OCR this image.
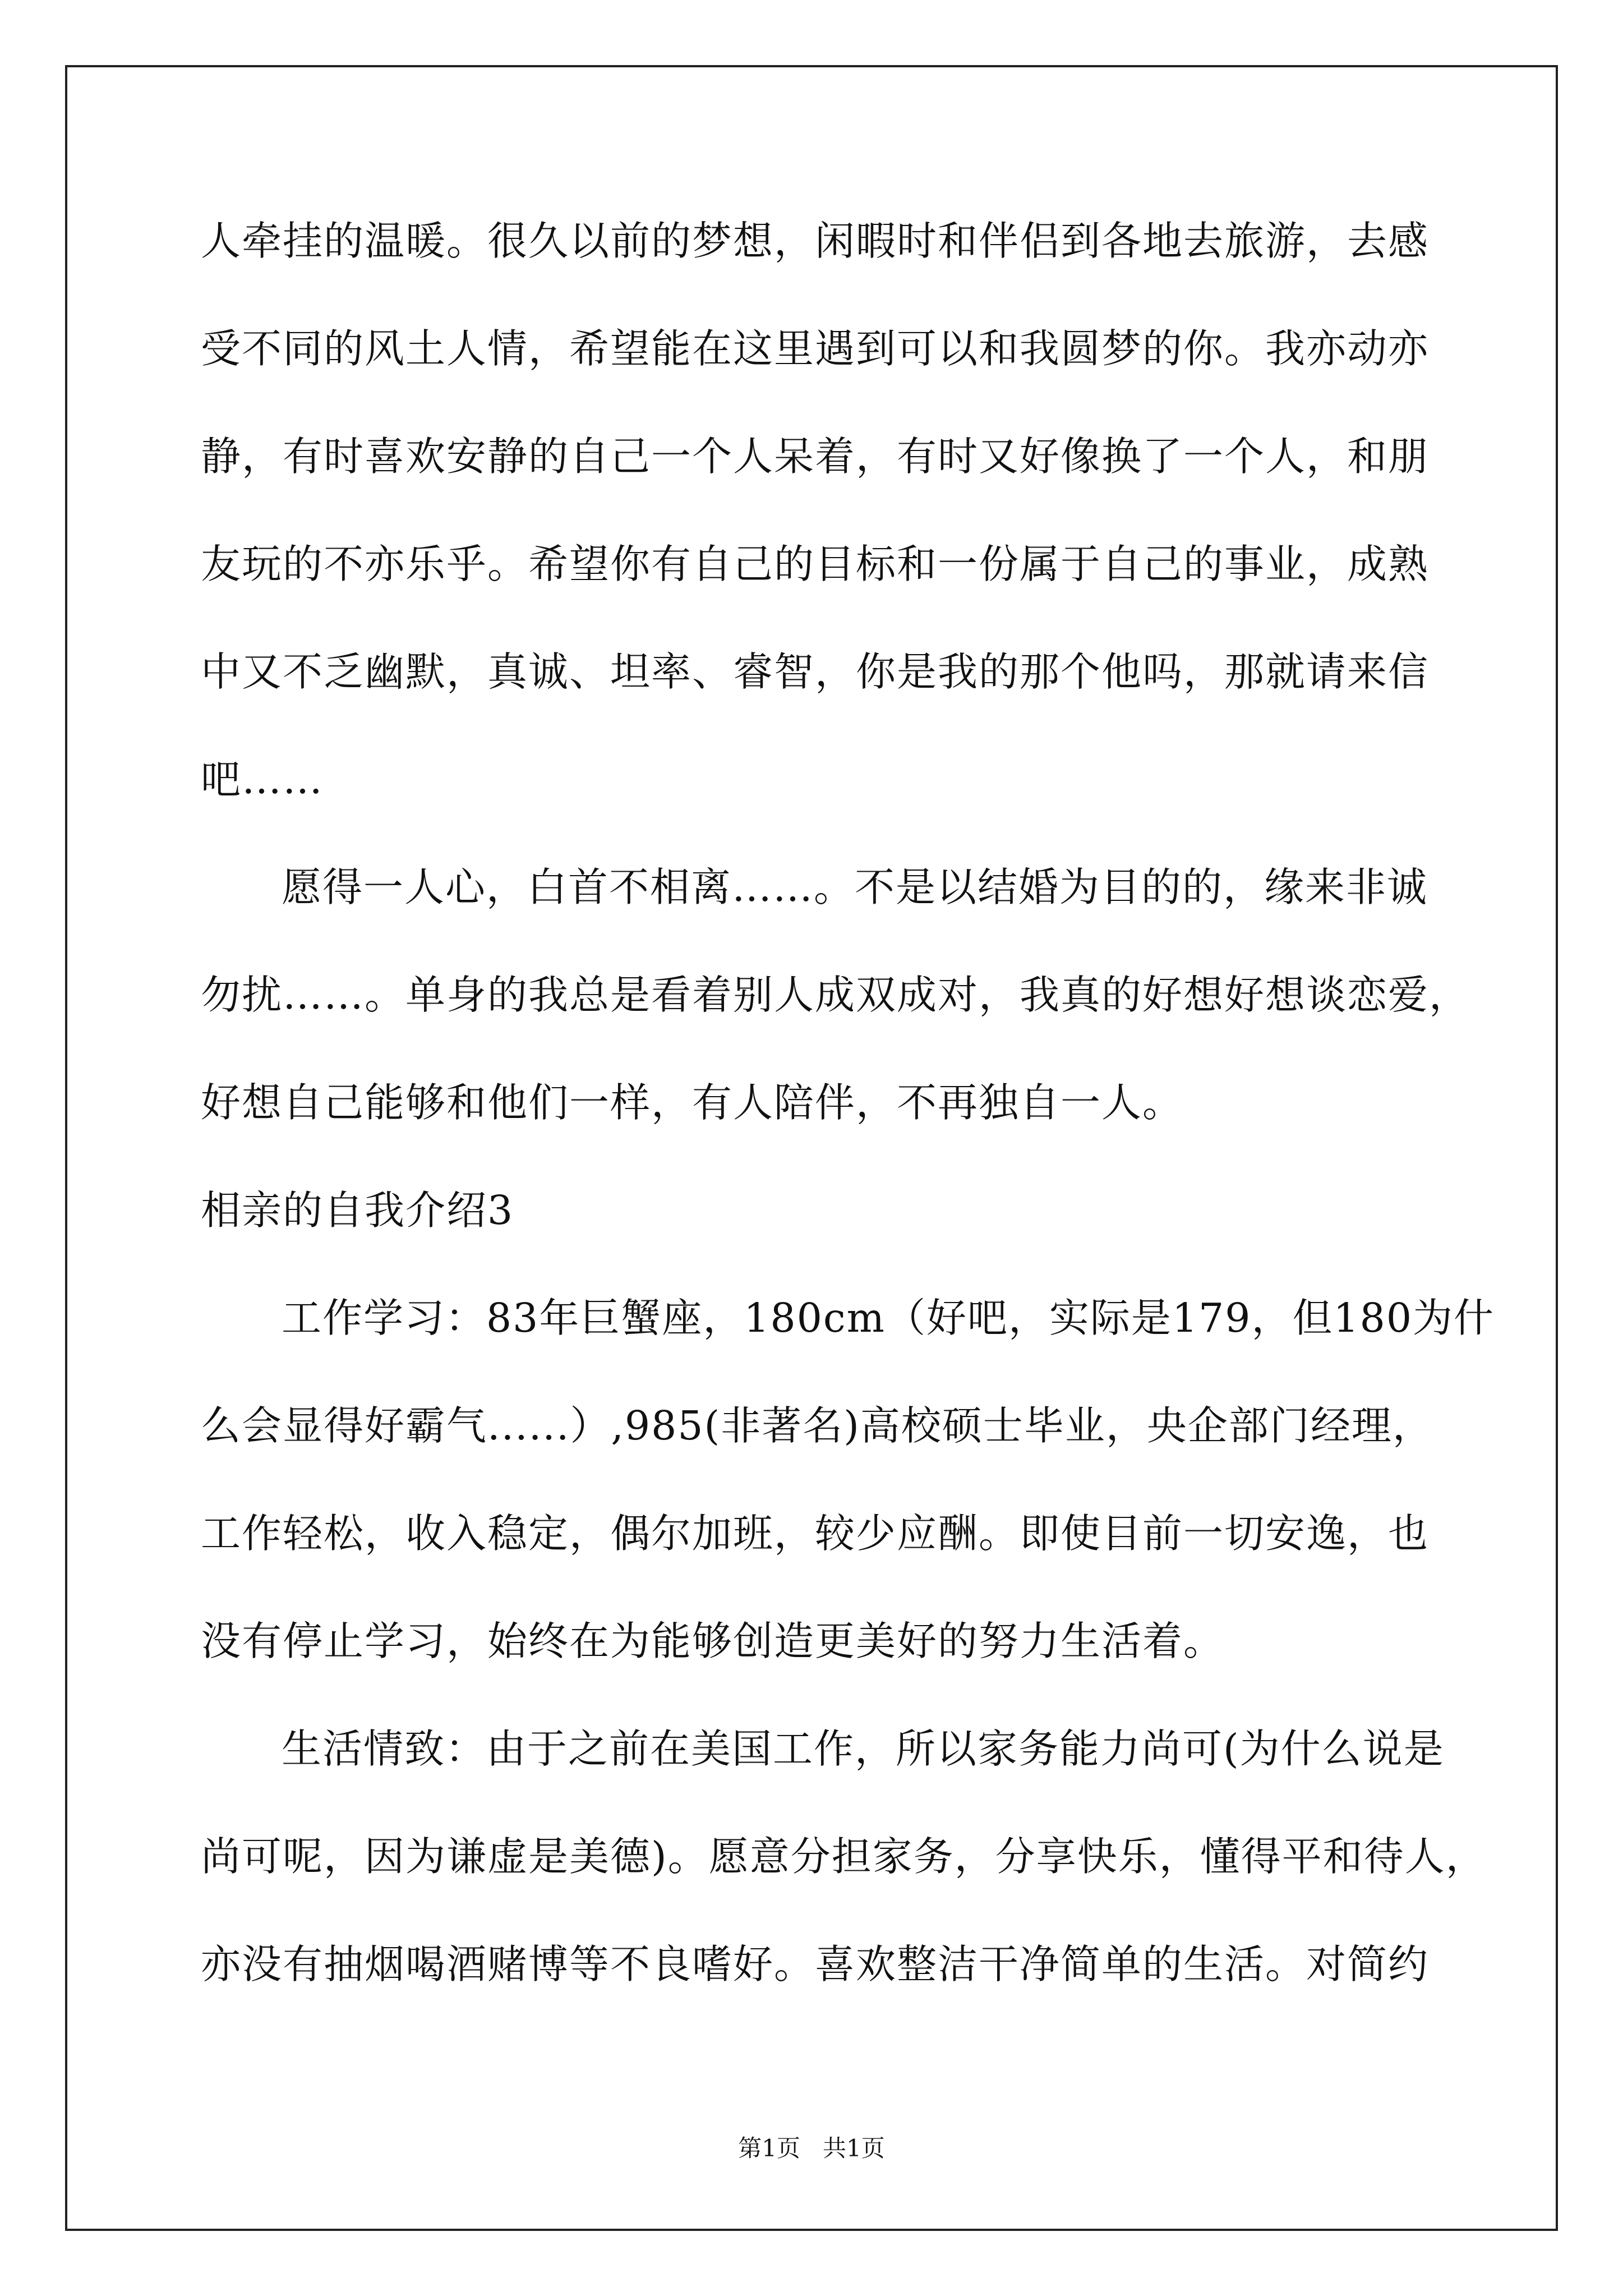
人牵挂的温暖。很久以前的梦想，闲暇时和伴侣到各地去旅游，去感
受不同的风土人情，希望能在这里遇到可以和我圆梦的你。我亦动亦
静，有时喜欢安静的自己一个人呆着，有时又好像换了一个人，和朋
友玩的不亦乐乎。希望你有自己的目标和一份属于自己的事业，成熟
中又不乏幽默，真诚、坦率、睿智，你是我的那个他吗，那就请来信
吧……
愿得一人心，白首不相离……。不是以结婚为目的的，缘来非诚
勿扰……。单身的我总是看着别人成双成对，我真的好想好想谈恋爱，
好想自己能够和他们一样，有人陪伴，不再独自一人。
相亲的自我介绍3
工作学习：83年巨蟹座，180cm（好吧，实际是179，但180为什
么会显得好霸气......）,985(非著名)高校硕士毕业，央企部门经理，
工作轻松，收入稳定，偶尔加班，较少应酬。即使目前一切安逸，也
没有停止学习，始终在为能够创造更美好的努力生活着。
生活情致：由于之前在美国工作，所以家务能力尚可(为什么说是
尚可呢，因为谦虚是美德)。愿意分担家务，分享快乐，懂得平和待人，
亦没有抽烟喝酒赌博等不良嗜好。喜欢整洁干净简单的生活。对简约
第1页   共1页
